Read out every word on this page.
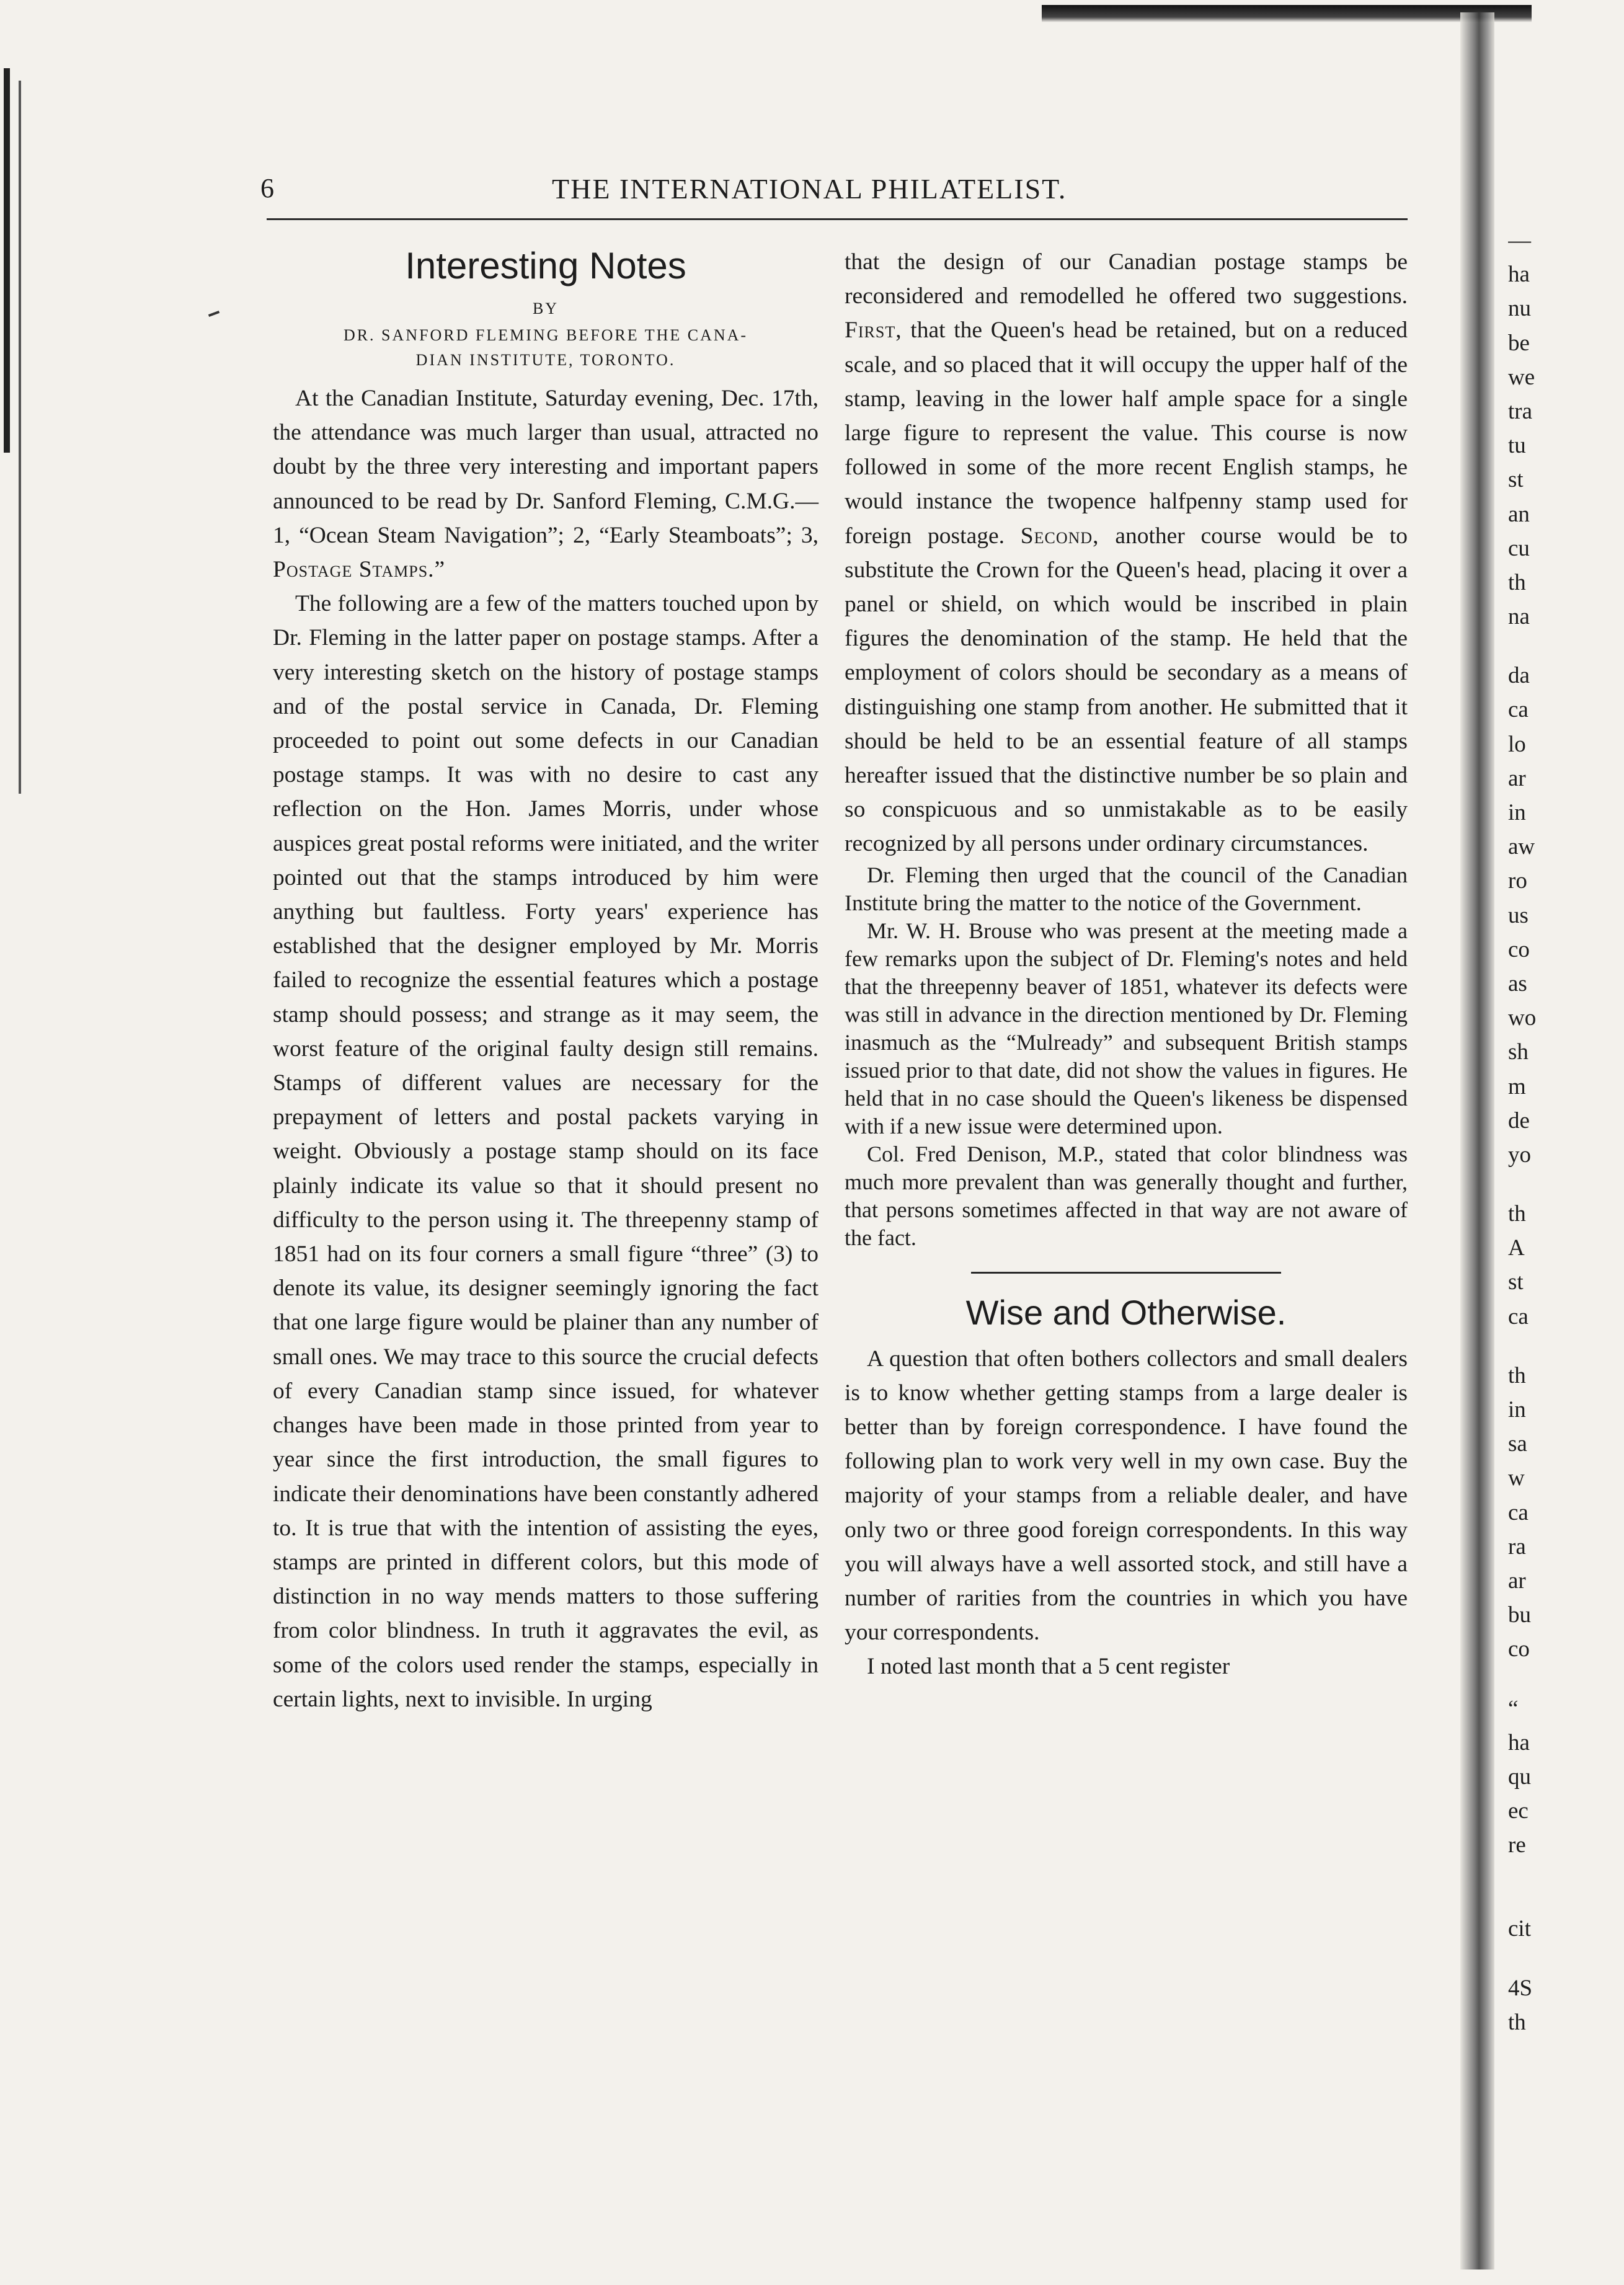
6	THE INTERNATIONAL PHILATELIST.
Interesting Notes
BY
DR. SANFORD FLEMING BEFORE THE CANA-
DIAN INSTITUTE, TORONTO.

At the Canadian Institute, Saturday evening, Dec. 17th, the attendance was much larger than usual, attracted no doubt by the three very interesting and important papers announced to be read by Dr. Sanford Fleming, C.M.G.—1, “Ocean Steam Navigation”; 2, “Early Steamboats”; 3, Postage Stamps.”

The following are a few of the matters touched upon by Dr. Fleming in the latter paper on postage stamps. After a very interesting sketch on the history of postage stamps and of the postal service in Canada, Dr. Fleming proceeded to point out some defects in our Canadian postage stamps. It was with no desire to cast any reflection on the Hon. James Morris, under whose auspices great postal reforms were initiated, and the writer pointed out that the stamps introduced by him were anything but faultless. Forty years' experience has established that the designer employed by Mr. Morris failed to recognize the essential features which a postage stamp should possess; and strange as it may seem, the worst feature of the original faulty design still remains. Stamps of different values are necessary for the prepayment of letters and postal packets varying in weight. Obviously a postage stamp should on its face plainly indicate its value so that it should present no difficulty to the person using it. The threepenny stamp of 1851 had on its four corners a small figure “three” (3) to denote its value, its designer seemingly ignoring the fact that one large figure would be plainer than any number of small ones. We may trace to this source the crucial defects of every Canadian stamp since issued, for whatever changes have been made in those printed from year to year since the first introduction, the small figures to indicate their denominations have been constantly adhered to. It is true that with the intention of assisting the eyes, stamps are printed in different colors, but this mode of distinction in no way mends matters to those suffering from color blindness. In truth it aggravates the evil, as some of the colors used render the stamps, especially in certain lights, next to invisible. In urging

that the design of our Canadian postage stamps be reconsidered and remodelled he offered two suggestions. First, that the Queen's head be retained, but on a reduced scale, and so placed that it will occupy the upper half of the stamp, leaving in the lower half ample space for a single large figure to represent the value. This course is now followed in some of the more recent English stamps, he would instance the twopence halfpenny stamp used for foreign postage. Second, another course would be to substitute the Crown for the Queen's head, placing it over a panel or shield, on which would be inscribed in plain figures the denomination of the stamp. He held that the employment of colors should be secondary as a means of distinguishing one stamp from another. He submitted that it should be held to be an essential feature of all stamps hereafter issued that the distinctive number be so plain and so conspicuous and so unmistakable as to be easily recognized by all persons under ordinary circumstances.

Dr. Fleming then urged that the council of the Canadian Institute bring the matter to the notice of the Government.

Mr. W. H. Brouse who was present at the meeting made a few remarks upon the subject of Dr. Fleming's notes and held that the threepenny beaver of 1851, whatever its defects were was still in advance in the direction mentioned by Dr. Fleming inasmuch as the “Mulready” and subsequent British stamps issued prior to that date, did not show the values in figures. He held that in no case should the Queen's likeness be dispensed with if a new issue were determined upon.

Col. Fred Denison, M.P., stated that color blindness was much more prevalent than was generally thought and further, that persons sometimes affected in that way are not aware of the fact.

Wise and Otherwise.

A question that often bothers collectors and small dealers is to know whether getting stamps from a large dealer is better than by foreign correspondence. I have found the following plan to work very well in my own case. Buy the majority of your stamps from a reliable dealer, and have only two or three good foreign correspondents. In this way you will always have a well assorted stock, and still have a number of rarities from the countries in which you have your correspondents.

I noted last month that a 5 cent register

—
ha
nu
be
we
tra
tu
st
an
cu
th
na
da
ca
lo
ar
in
aw
ro
us
co
as
wo
sh
m
de
yo
th
A
st
ca
th
in
sa
w
ca
ra
ar
bu
co
“
ha
qu
ec
re
cit
4S
th
